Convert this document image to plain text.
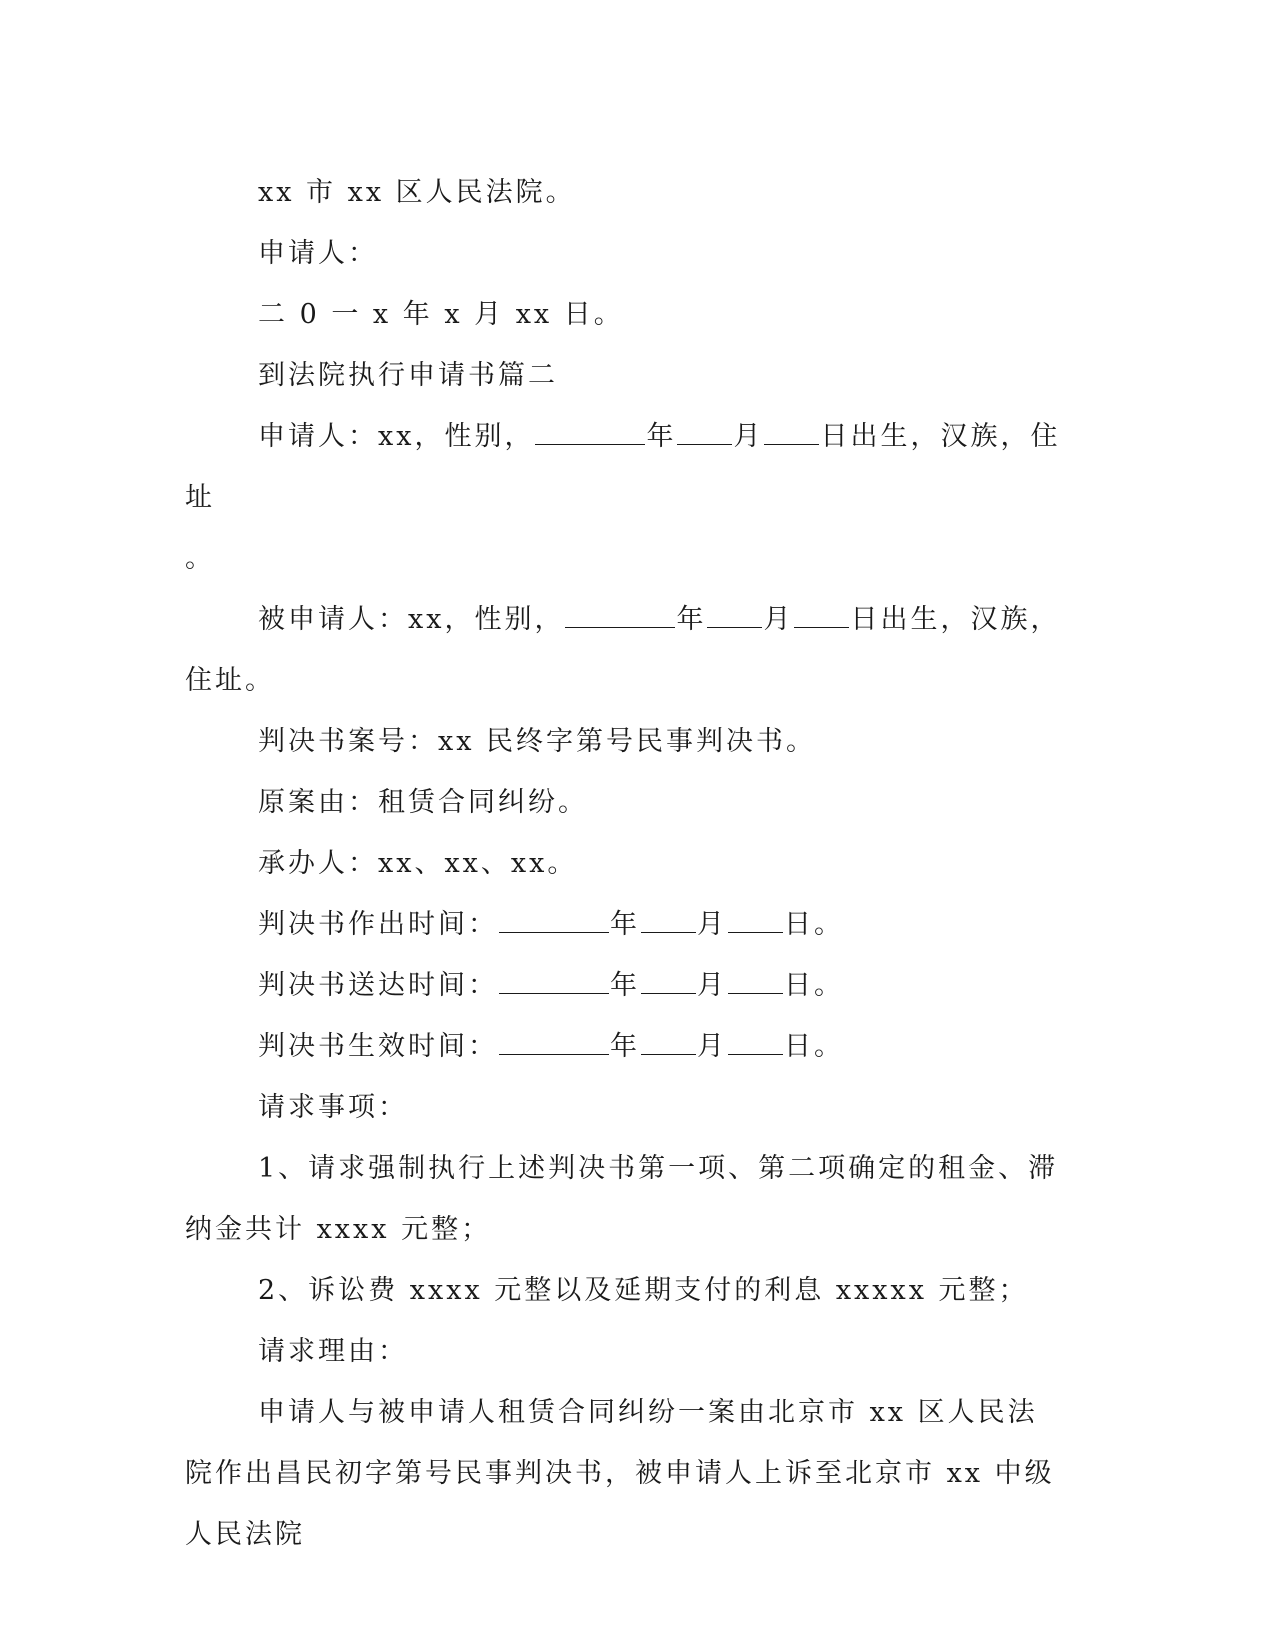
xx 市 xx 区人民法院。

申请人：

二 0 一 x 年 x 月 xx 日。

到法院执行申请书篇二

申请人：xx，性别，	年 月 日出生，汉族，住址
。

被申请人：xx，性别，	年 月 日出生，汉族，住址。

判决书案号：xx 民终字第号民事判决书。

原案由：租赁合同纠纷。

承办人：xx、xx、xx。

判决书作出时间：	年 月 日。

判决书送达时间：	年 月 日。

判决书生效时间：	年 月 日。

请求事项：

1、请求强制执行上述判决书第一项、第二项确定的租金、滞纳金共计 xxxx 元整；

2、诉讼费 xxxx 元整以及延期支付的利息 xxxxx 元整；

请求理由：

申请人与被申请人租赁合同纠纷一案由北京市 xx 区人民法院作出昌民初字第号民事判决书，被申请人上诉至北京市 xx 中级人民法院
